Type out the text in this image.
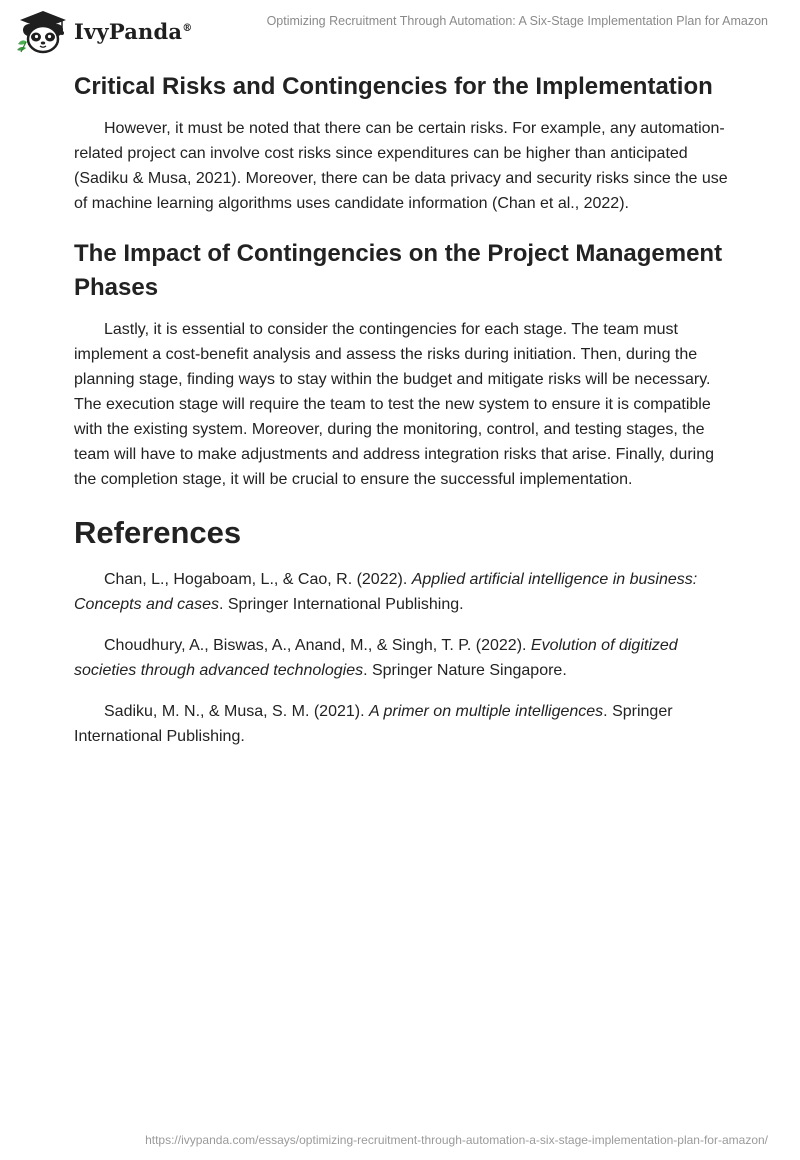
IvyPanda®	Optimizing Recruitment Through Automation: A Six-Stage Implementation Plan for Amazon
Critical Risks and Contingencies for the Implementation

However, it must be noted that there can be certain risks. For example, any automation-related project can involve cost risks since expenditures can be higher than anticipated (Sadiku & Musa, 2021). Moreover, there can be data privacy and security risks since the use of machine learning algorithms uses candidate information (Chan et al., 2022).

The Impact of Contingencies on the Project Management Phases

Lastly, it is essential to consider the contingencies for each stage. The team must implement a cost-benefit analysis and assess the risks during initiation. Then, during the planning stage, finding ways to stay within the budget and mitigate risks will be necessary. The execution stage will require the team to test the new system to ensure it is compatible with the existing system. Moreover, during the monitoring, control, and testing stages, the team will have to make adjustments and address integration risks that arise. Finally, during the completion stage, it will be crucial to ensure the successful implementation.

References

Chan, L., Hogaboam, L., & Cao, R. (2022). Applied artificial intelligence in business: Concepts and cases. Springer International Publishing.

Choudhury, A., Biswas, A., Anand, M., & Singh, T. P. (2022). Evolution of digitized societies through advanced technologies. Springer Nature Singapore.

Sadiku, M. N., & Musa, S. M. (2021). A primer on multiple intelligences. Springer International Publishing.

https://ivypanda.com/essays/optimizing-recruitment-through-automation-a-six-stage-implementation-plan-for-amazon/
